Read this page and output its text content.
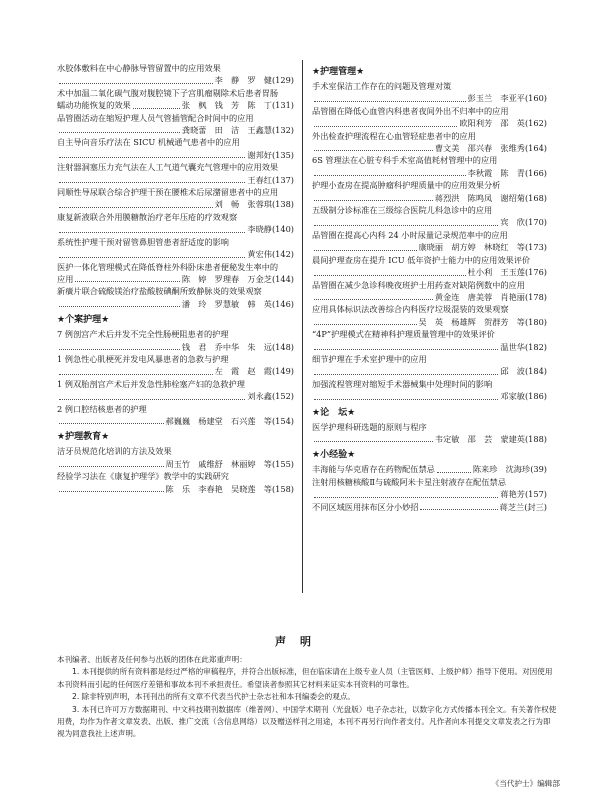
水胶体敷料在中心静脉导管留置中的应用效果
李　静　罗　健 (129)
术中加温二氧化碳气腹对腹腔镜下子宫肌瘤剔除术后患者胃肠
蠕动功能恢复的效果	张　枫　钱　芳　陈　丁 (131)
品管圈活动在缩短护理人员气管插管配合时间中的应用
龚晓蕾　田　洁　王鑫慧 (132)
自主导向音乐疗法在 SICU 机械通气患者中的应用
谢邦好 (135)
注射器洞塞压力充气法在人工气道气囊充气管理中的应用效果
王春红 (137)
同顺性导尿联合综合护理干预在腰椎术后尿潴留患者中的应用
刘　畅　张蓉琪 (138)
康复新液联合外用膜糖散治疗老年压疮的疗效观察
李晓静 (140)
系统性护理干预对留管鼻胆管患者舒适度的影响
黄宏伟 (142)
医护一体化管理模式在降低脊柱外科卧床患者便秘发生率中的
应用	陈　婷　罗理春　万金芝 (144)
新癀片联合硫酸镁治疗盐酸胺碘酮所致静脉炎的效果观察
潘　玲　罗慧敏　韩　英 (146)
★个案护理★
7 例剖宫产术后并发不完全性肠梗阻患者的护理
钱　君　乔中华　朱　远 (148)
1 例急性心肌梗死并发电风暴患者的急救与护理
左　霞　赵　霞 (149)
1 例双胎剖宫产术后并发急性肺栓塞产妇的急救护理
刘永鑫 (152)
2 例口腔结核患者的护理
郝巍巍　杨建堂　石兴莲　等 (154)
★护理教育★
洁牙员规范化培训的方法及效果
周玉竹　戚维舒　林丽婷　等 (155)
经验学习法在《康复护理学》教学中的实践研究
陈　乐　李春艳　吴晓莲　等 (158)
★护理管理★
手术室保洁工作存在的问题及管理对策
彭玉兰　李亚平 (160)
品管圈在降低心血管内科患者夜间外出不归率中的应用
欧阳利芳　邵　英 (162)
外出检查护理流程在心血管轻症患者中的应用
曹文美　邵兴春　张维秀 (164)
6S 管理法在心脏专科手术室高值耗材管理中的应用
李秋霞　陈　青 (166)
护理小查房在提高肿瘤科护理质量中的应用效果分析
蒋烈洪　陈鸣凤　谢绍菊 (168)
五级制分诊标准在三级综合医院儿科急诊中的应用
宾　欣 (170)
品管圈在提高心内科 24 小时尿量记录规范率中的应用
康晓丽　胡方婷　林晓红　等 (173)
晨间护理查房在提升 ICU 低年资护士能力中的应用效果评价
杜小利　王玉莲 (176)
品管圈在减少急诊科晚夜班护士用药查对缺陷例数中的应用
黄金连　唐美蓉　肖艳丽 (178)
应用具体标识法改善综合内科医疗垃圾混装的效果观察
吴　英　杨雄辉　贺群芳　等 (180)
“4P”护理模式在精神科护理质量管理中的效果评价
温世华 (182)
细节护理在手术室护理中的应用
邱　波 (184)
加强流程管理对缩短手术器械集中处理时间的影响
邓家敏 (186)
★论　坛★
医学护理科研选题的原则与程序
韦定敏　邵　芸　蒙建英 (188)
★小经验★
丰海能与华克盾存在药物配伍禁忌	陈来珍　沈海珍 (39)
注射用核糖核酸Ⅱ与硫酸阿米卡星注射液存在配伍禁忌
蒋艳芳 (157)
不同区域医用抹布区分小妙招	蒋芝兰 (封三)
声明

本刊编者、出版者及任何参与出版的团体在此郑重声明：

1. 本刊提供的所有资料都是经过严格的审稿程序，并符合出版标准，但在临床请在上级专业人员（主管医师、上级护师）指导下使用。对因使用本刊资料而引起的任何医疗差错和事故本刊不承担责任。希望读者参照其它材料来证实本刊资料的可靠性。

2. 除非特别声明，本刊刊出的所有文章不代表当代护士杂志社和本刊编委会的观点。

3. 本刊已许可万方数据期刊、中文科技期刊数据库（维普网）、中国学术期刊（光盘版）电子杂志社，以数字化方式传播本刊全文。有关著作权使用费，均作为作者文章发表、出版、推广交流（含信息网络）以及赠送样刊之用途，本刊不再另行向作者支付。凡作者向本刊提交文章发表之行为即视为同意我社上述声明。

《当代护士》编辑部
